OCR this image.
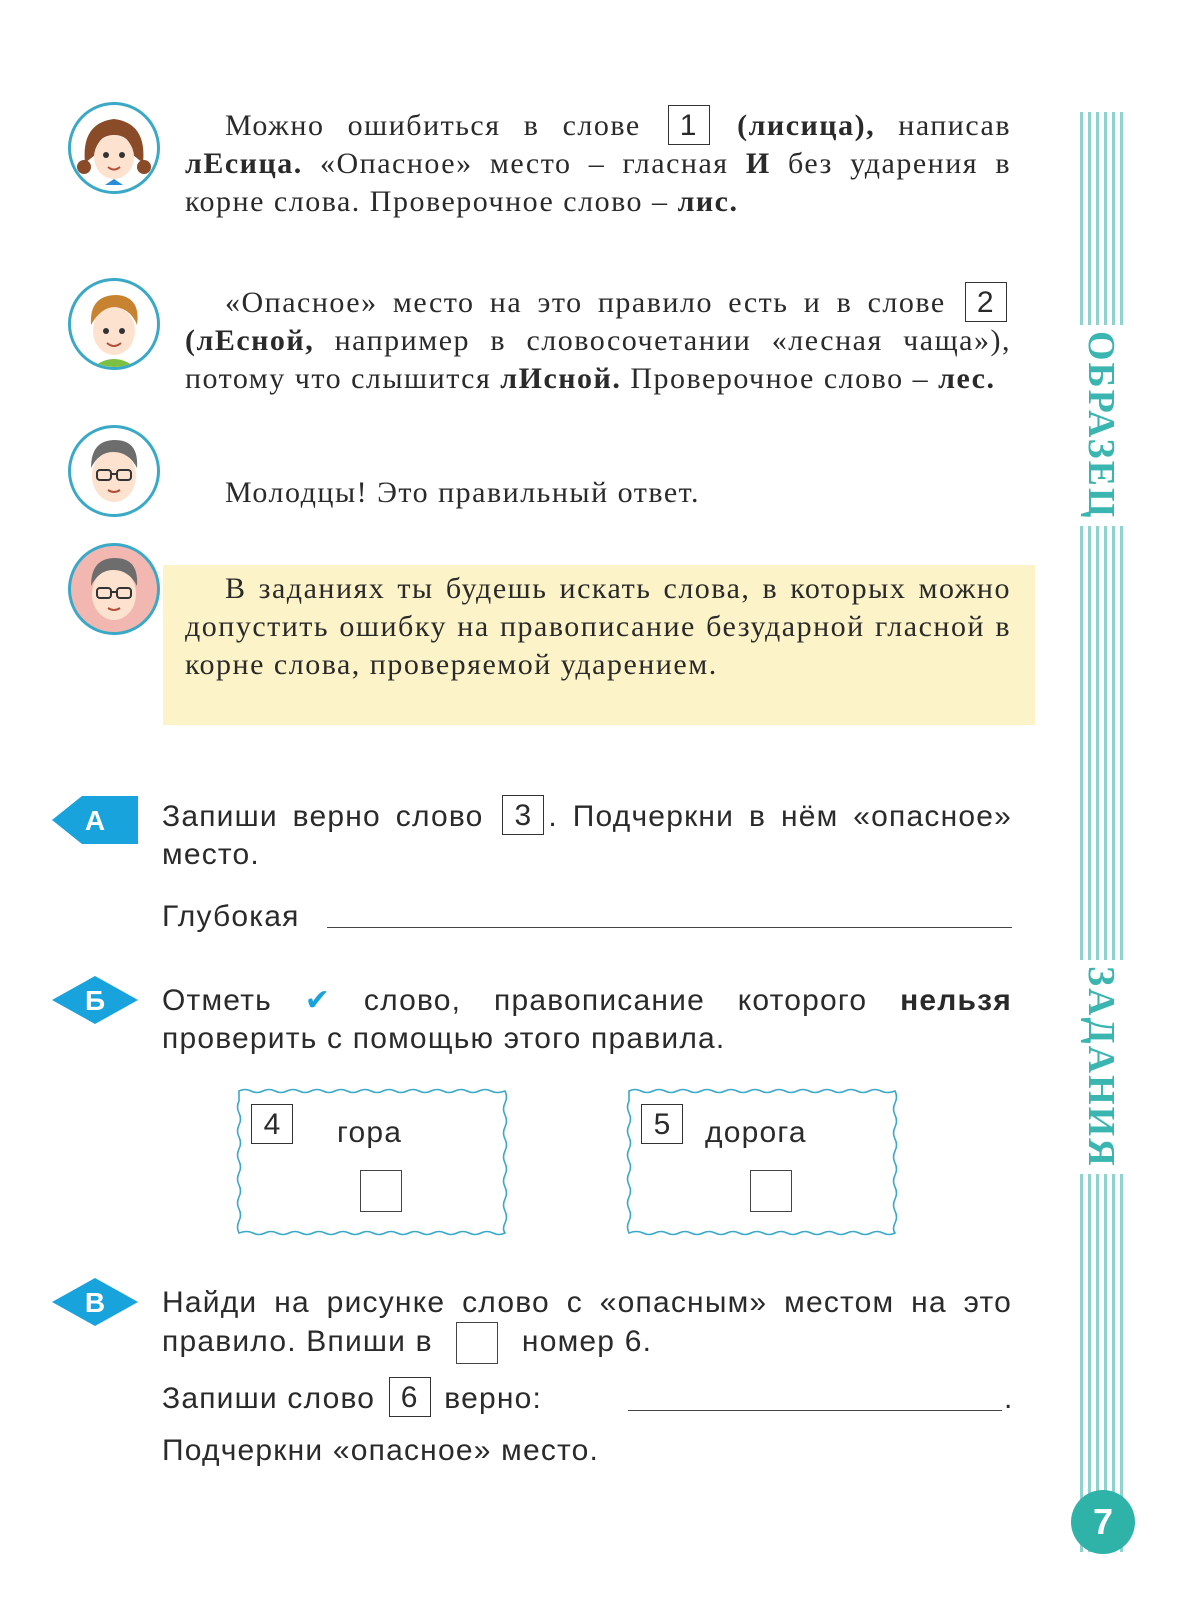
ОБРАЗЕЦ
ЗАДАНИЯ
7
Можно ошибиться в слове 1 (лисица), написав лЕсица. «Опасное» место – гласная И без ударения в корне слова. Проверочное слово – лис.
«Опасное» место на это правило есть и в слове 2 (лЕсной, например в словосочетании «лесная чаща»), потому что слышится лИсной. Проверочное слово – лес.
Молодцы! Это правильный ответ.
В заданиях ты будешь искать слова, в которых можно допустить ошибку на правописание безударной гласной в корне слова, проверяемой ударением.
А Запиши верно слово 3 . Подчеркни в нём «опасное» место.
Глубокая
Б Отметь ✔ слово, правописание которого нельзя проверить с помощью этого правила.
4	гора	5	дорога
В Найди на рисунке слово с «опасным» местом на это правило. Впиши в	номер 6.
Запиши слово 6 верно:	.
Подчеркни «опасное» место.
